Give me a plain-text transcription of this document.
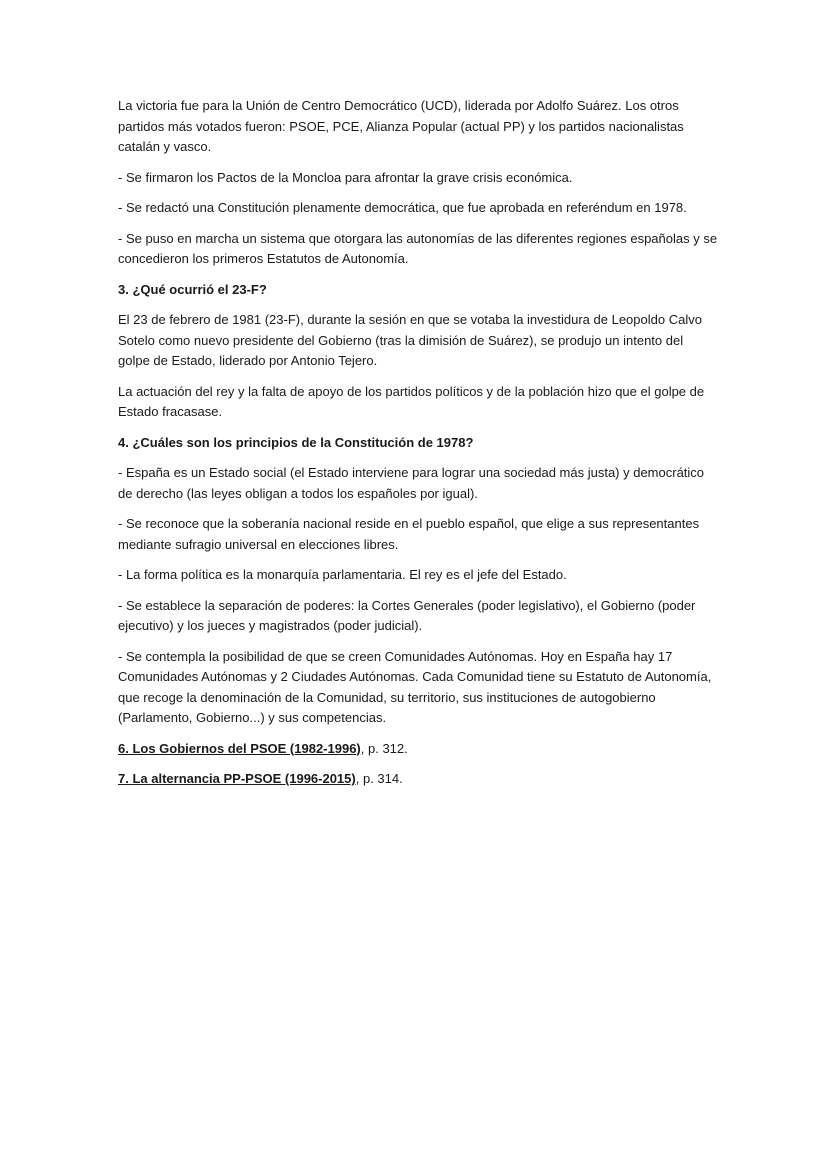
La victoria fue para la Unión de Centro Democrático (UCD), liderada por Adolfo Suárez. Los otros partidos más votados fueron: PSOE, PCE, Alianza Popular (actual PP) y los partidos nacionalistas catalán y vasco.

- Se firmaron los Pactos de la Moncloa para afrontar la grave crisis económica.

- Se redactó una Constitución plenamente democrática, que fue aprobada en referéndum en 1978.

- Se puso en marcha un sistema que otorgara las autonomías de las diferentes regiones españolas y se concedieron los primeros Estatutos de Autonomía.

3. ¿Qué ocurrió el 23-F?

El 23 de febrero de 1981 (23-F), durante la sesión en que se votaba la investidura de Leopoldo Calvo Sotelo como nuevo presidente del Gobierno (tras la dimisión de Suárez), se produjo un intento del golpe de Estado, liderado por Antonio Tejero.

La actuación del rey y la falta de apoyo de los partidos políticos y de la población hizo que el golpe de Estado fracasase.

4. ¿Cuáles son los principios de la Constitución de 1978?

- España es un Estado social (el Estado interviene para lograr una sociedad más justa) y democrático de derecho (las leyes obligan a todos los españoles por igual).

- Se reconoce que la soberanía nacional reside en el pueblo español, que elige a sus representantes mediante sufragio universal en elecciones libres.

- La forma política es la monarquía parlamentaria. El rey es el jefe del Estado.

- Se establece la separación de poderes: la Cortes Generales (poder legislativo), el Gobierno (poder ejecutivo) y los jueces y magistrados (poder judicial).

- Se contempla la posibilidad de que se creen Comunidades Autónomas. Hoy en España hay 17 Comunidades Autónomas y 2 Ciudades Autónomas. Cada Comunidad tiene su Estatuto de Autonomía, que recoge la denominación de la Comunidad, su territorio, sus instituciones de autogobierno (Parlamento, Gobierno...) y sus competencias.

6. Los Gobiernos del PSOE (1982-1996), p. 312.

7. La alternancia PP-PSOE (1996-2015), p. 314.
